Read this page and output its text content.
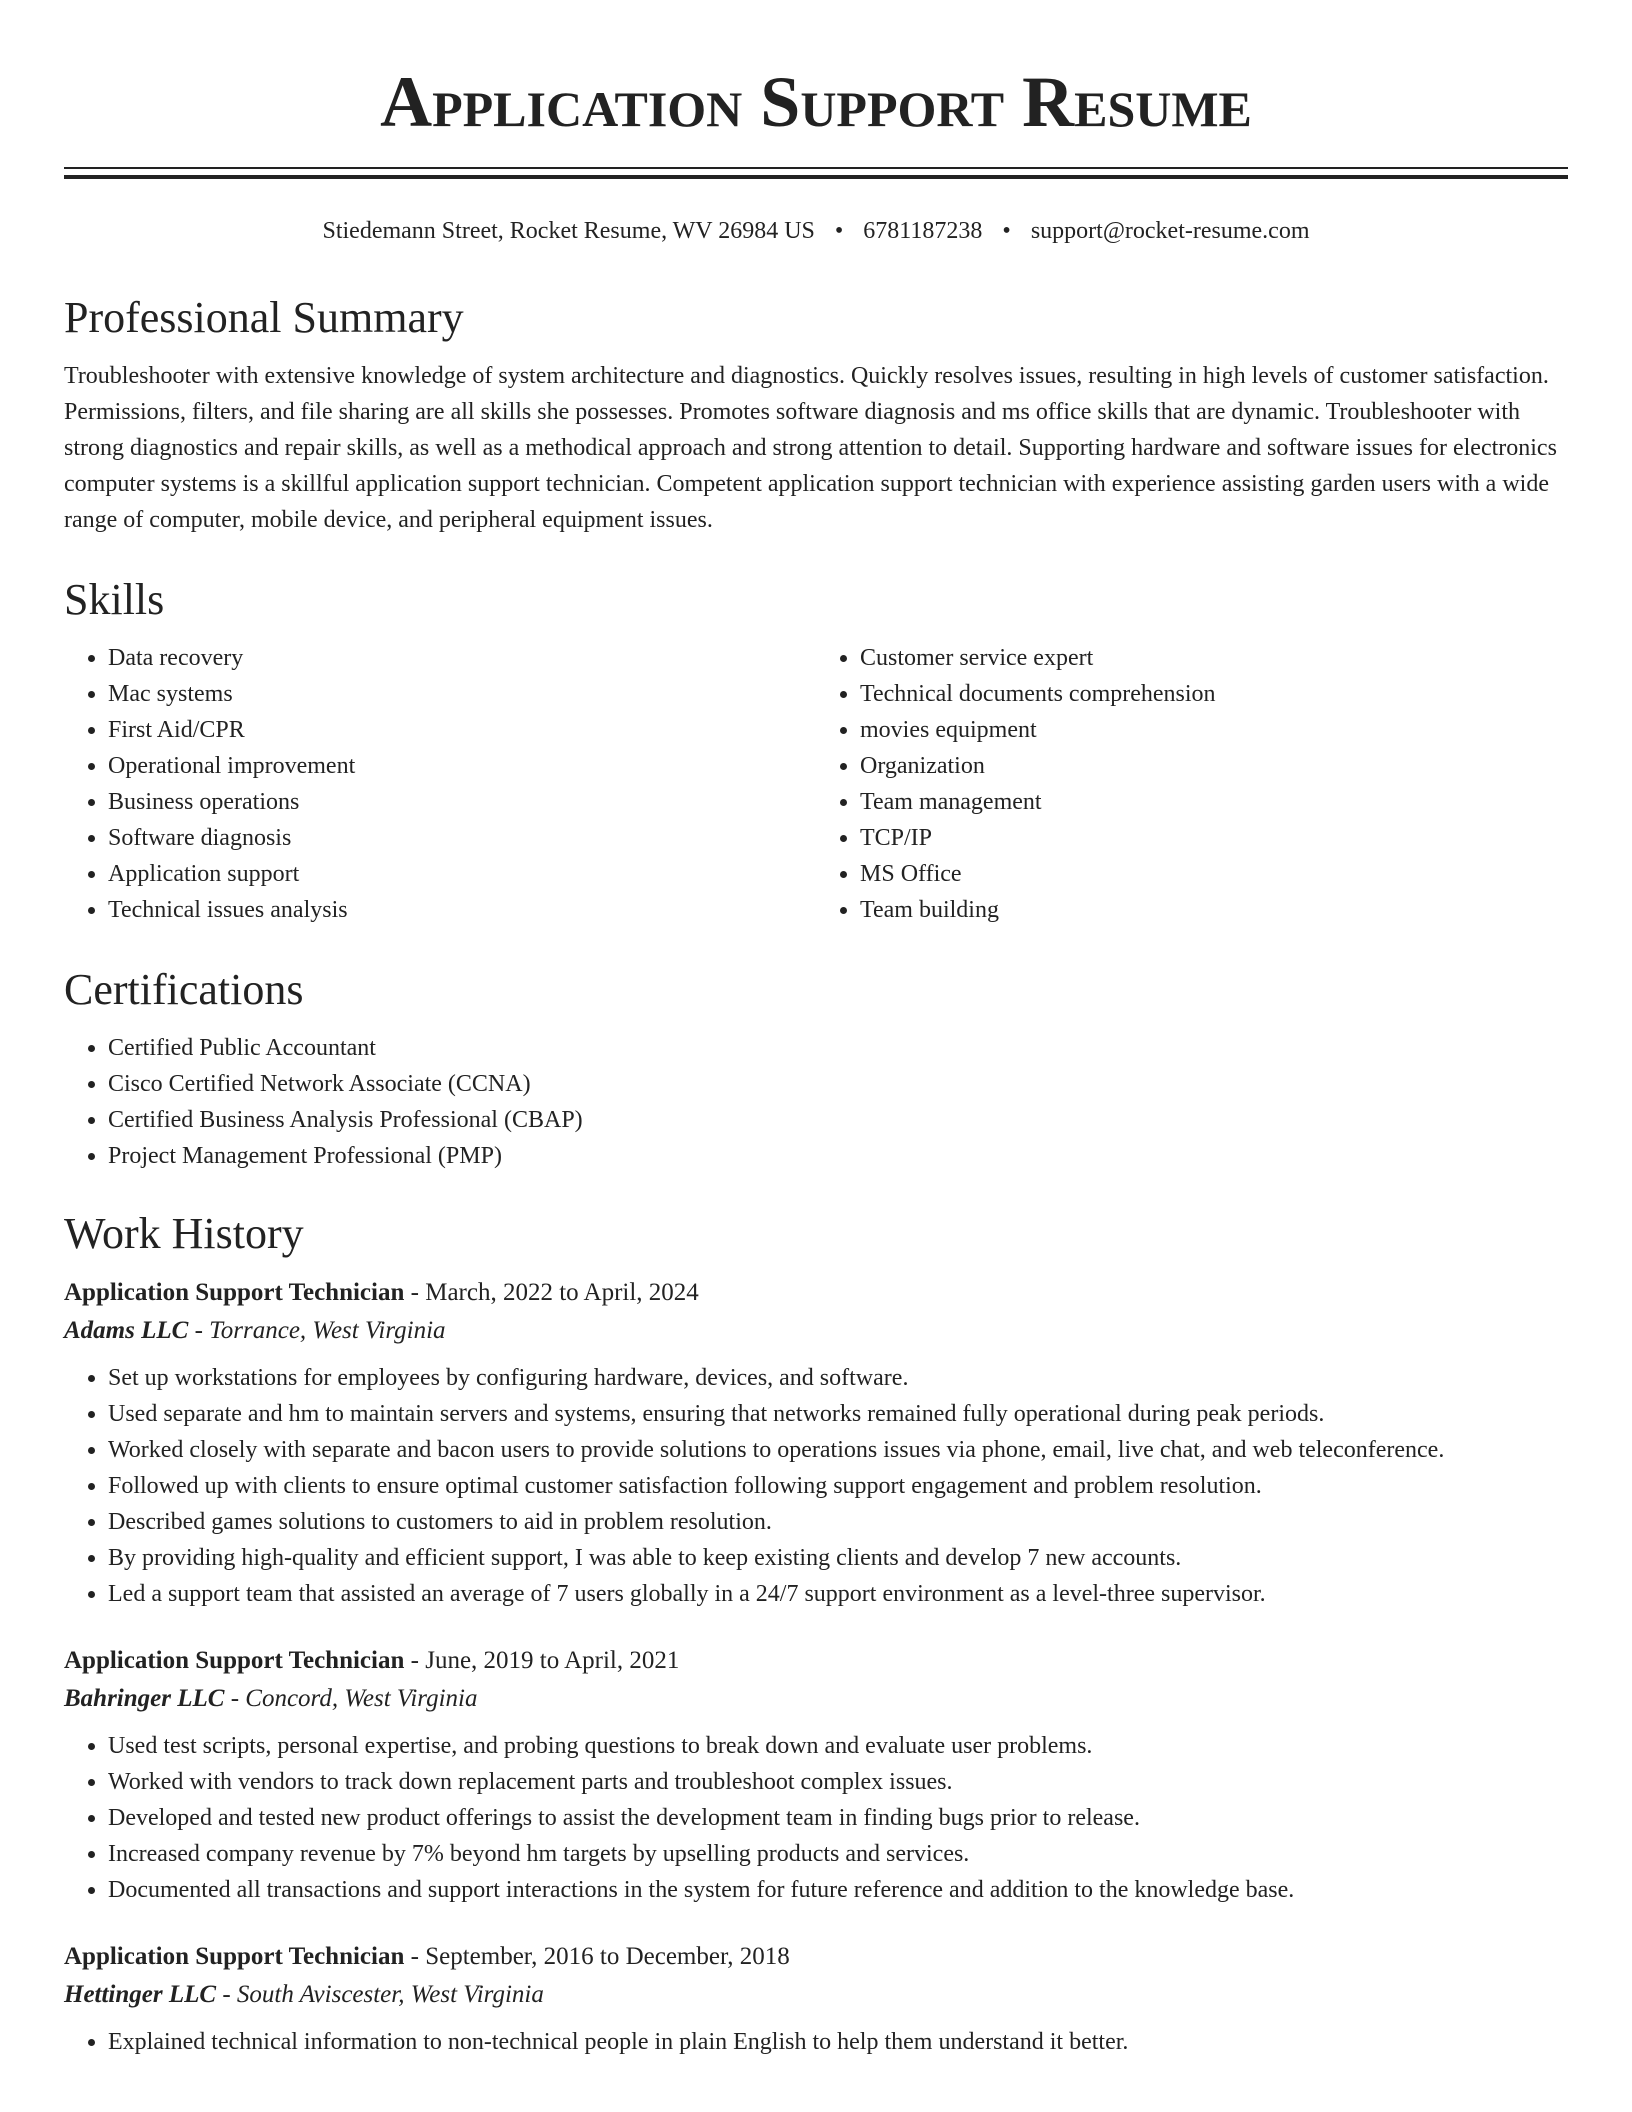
Application Support Resume
Stiedemann Street, Rocket Resume, WV 26984 US • 6781187238 • support@rocket-resume.com
Professional Summary

Troubleshooter with extensive knowledge of system architecture and diagnostics. Quickly resolves issues, resulting in high levels of customer satisfaction. Permissions, filters, and file sharing are all skills she possesses. Promotes software diagnosis and ms office skills that are dynamic. Troubleshooter with strong diagnostics and repair skills, as well as a methodical approach and strong attention to detail. Supporting hardware and software issues for electronics computer systems is a skillful application support technician. Competent application support technician with experience assisting garden users with a wide range of computer, mobile device, and peripheral equipment issues.

Skills
• Data recovery
• Mac systems
• First Aid/CPR
• Operational improvement
• Business operations
• Software diagnosis
• Application support
• Technical issues analysis
• Customer service expert
• Technical documents comprehension
• movies equipment
• Organization
• Team management
• TCP/IP
• MS Office
• Team building
Certifications
• Certified Public Accountant
• Cisco Certified Network Associate (CCNA)
• Certified Business Analysis Professional (CBAP)
• Project Management Professional (PMP)
Work History
Application Support Technician - March, 2022 to April, 2024
Adams LLC - Torrance, West Virginia
• Set up workstations for employees by configuring hardware, devices, and software.
• Used separate and hm to maintain servers and systems, ensuring that networks remained fully operational during peak periods.
• Worked closely with separate and bacon users to provide solutions to operations issues via phone, email, live chat, and web teleconference.
• Followed up with clients to ensure optimal customer satisfaction following support engagement and problem resolution.
• Described games solutions to customers to aid in problem resolution.
• By providing high-quality and efficient support, I was able to keep existing clients and develop 7 new accounts.
• Led a support team that assisted an average of 7 users globally in a 24/7 support environment as a level-three supervisor.
Application Support Technician - June, 2019 to April, 2021
Bahringer LLC - Concord, West Virginia
• Used test scripts, personal expertise, and probing questions to break down and evaluate user problems.
• Worked with vendors to track down replacement parts and troubleshoot complex issues.
• Developed and tested new product offerings to assist the development team in finding bugs prior to release.
• Increased company revenue by 7% beyond hm targets by upselling products and services.
• Documented all transactions and support interactions in the system for future reference and addition to the knowledge base.
Application Support Technician - September, 2016 to December, 2018
Hettinger LLC - South Aviscester, West Virginia
• Explained technical information to non-technical people in plain English to help them understand it better.
